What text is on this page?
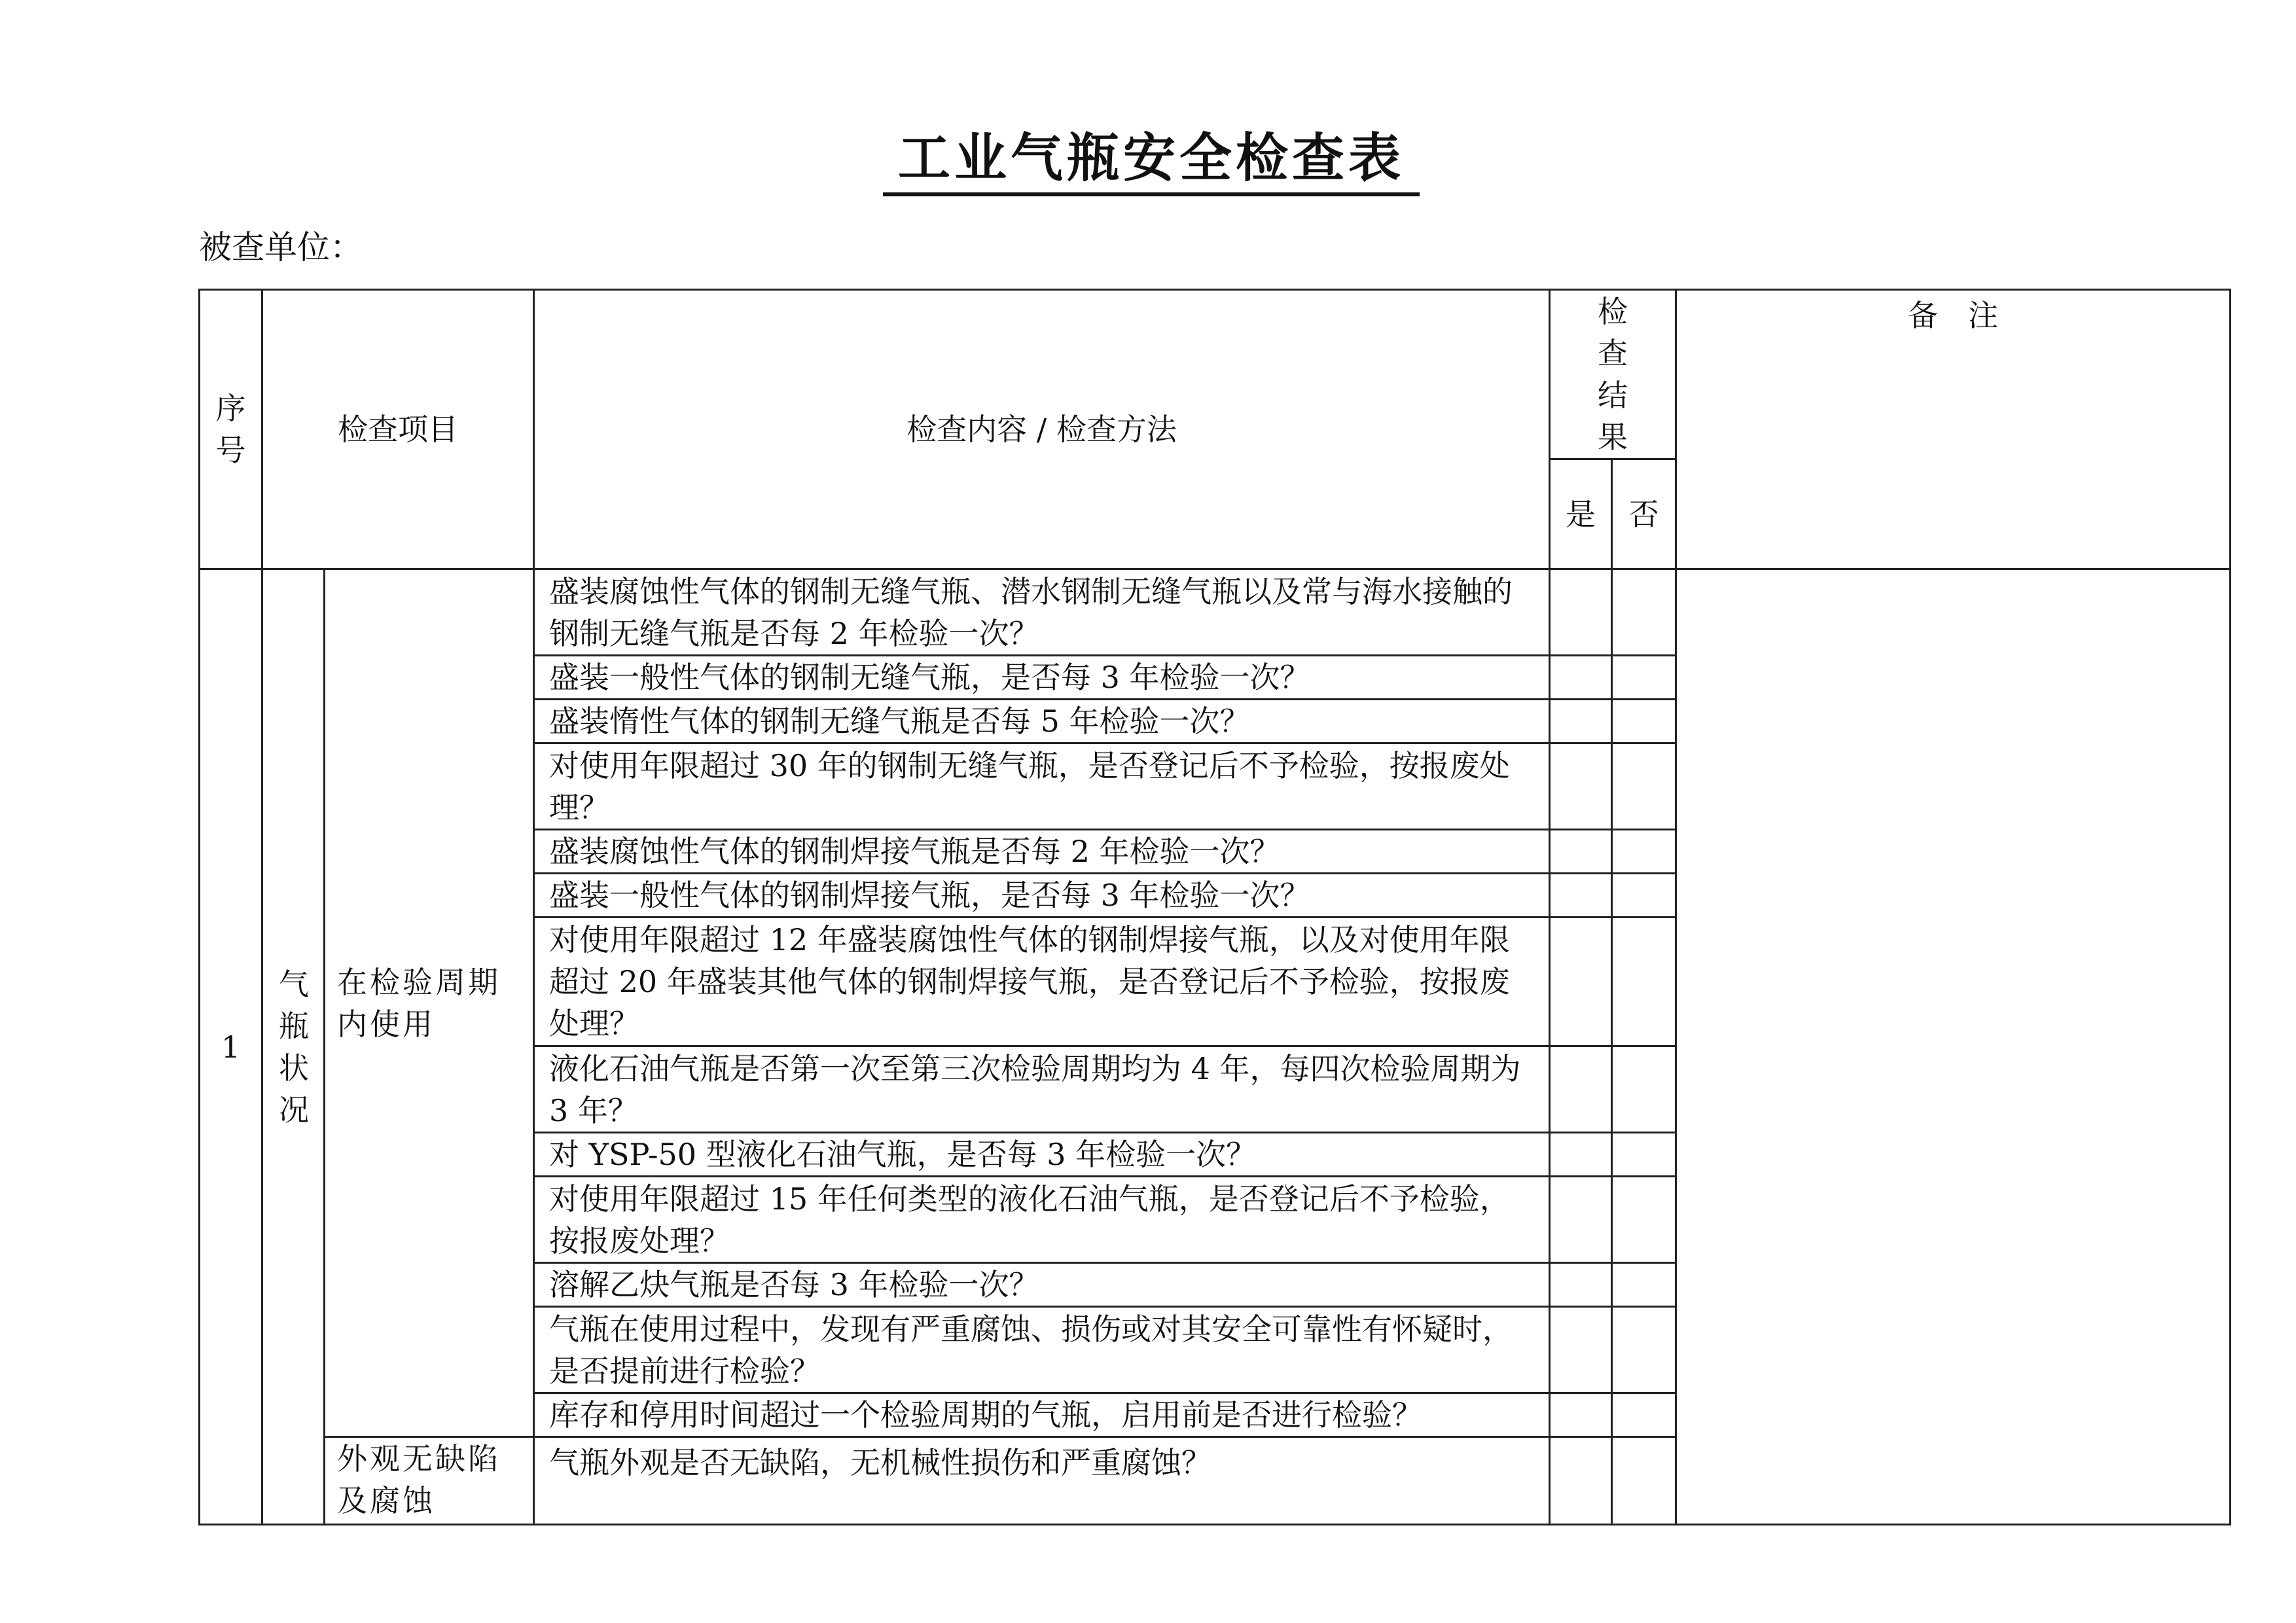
工业气瓶安全检查表
被查单位：
序号	检查项目		检查内容 / 检查方法	检查结果		备　注
				是	否	
1	气瓶状况	在检验周期内使用	盛装腐蚀性气体的钢制无缝气瓶、潜水钢制无缝气瓶以及常与海水接触的钢制无缝气瓶是否每 2 年检验一次？			
			盛装一般性气体的钢制无缝气瓶，是否每 3 年检验一次？			
			盛装惰性气体的钢制无缝气瓶是否每 5 年检验一次？			
			对使用年限超过 30 年的钢制无缝气瓶，是否登记后不予检验，按报废处理？			
			盛装腐蚀性气体的钢制焊接气瓶是否每 2 年检验一次？			
			盛装一般性气体的钢制焊接气瓶，是否每 3 年检验一次？			
			对使用年限超过 12 年盛装腐蚀性气体的钢制焊接气瓶，以及对使用年限超过 20 年盛装其他气体的钢制焊接气瓶，是否登记后不予检验，按报废处理？			
			液化石油气瓶是否第一次至第三次检验周期均为 4 年，每四次检验周期为 3 年？			
			对 YSP-50 型液化石油气瓶，是否每 3 年检验一次？			
			对使用年限超过 15 年任何类型的液化石油气瓶，是否登记后不予检验，按报废处理？			
			溶解乙炔气瓶是否每 3 年检验一次？			
			气瓶在使用过程中，发现有严重腐蚀、损伤或对其安全可靠性有怀疑时，是否提前进行检验？			
			库存和停用时间超过一个检验周期的气瓶，启用前是否进行检验？			
		外观无缺陷及腐蚀	气瓶外观是否无缺陷，无机械性损伤和严重腐蚀？			
